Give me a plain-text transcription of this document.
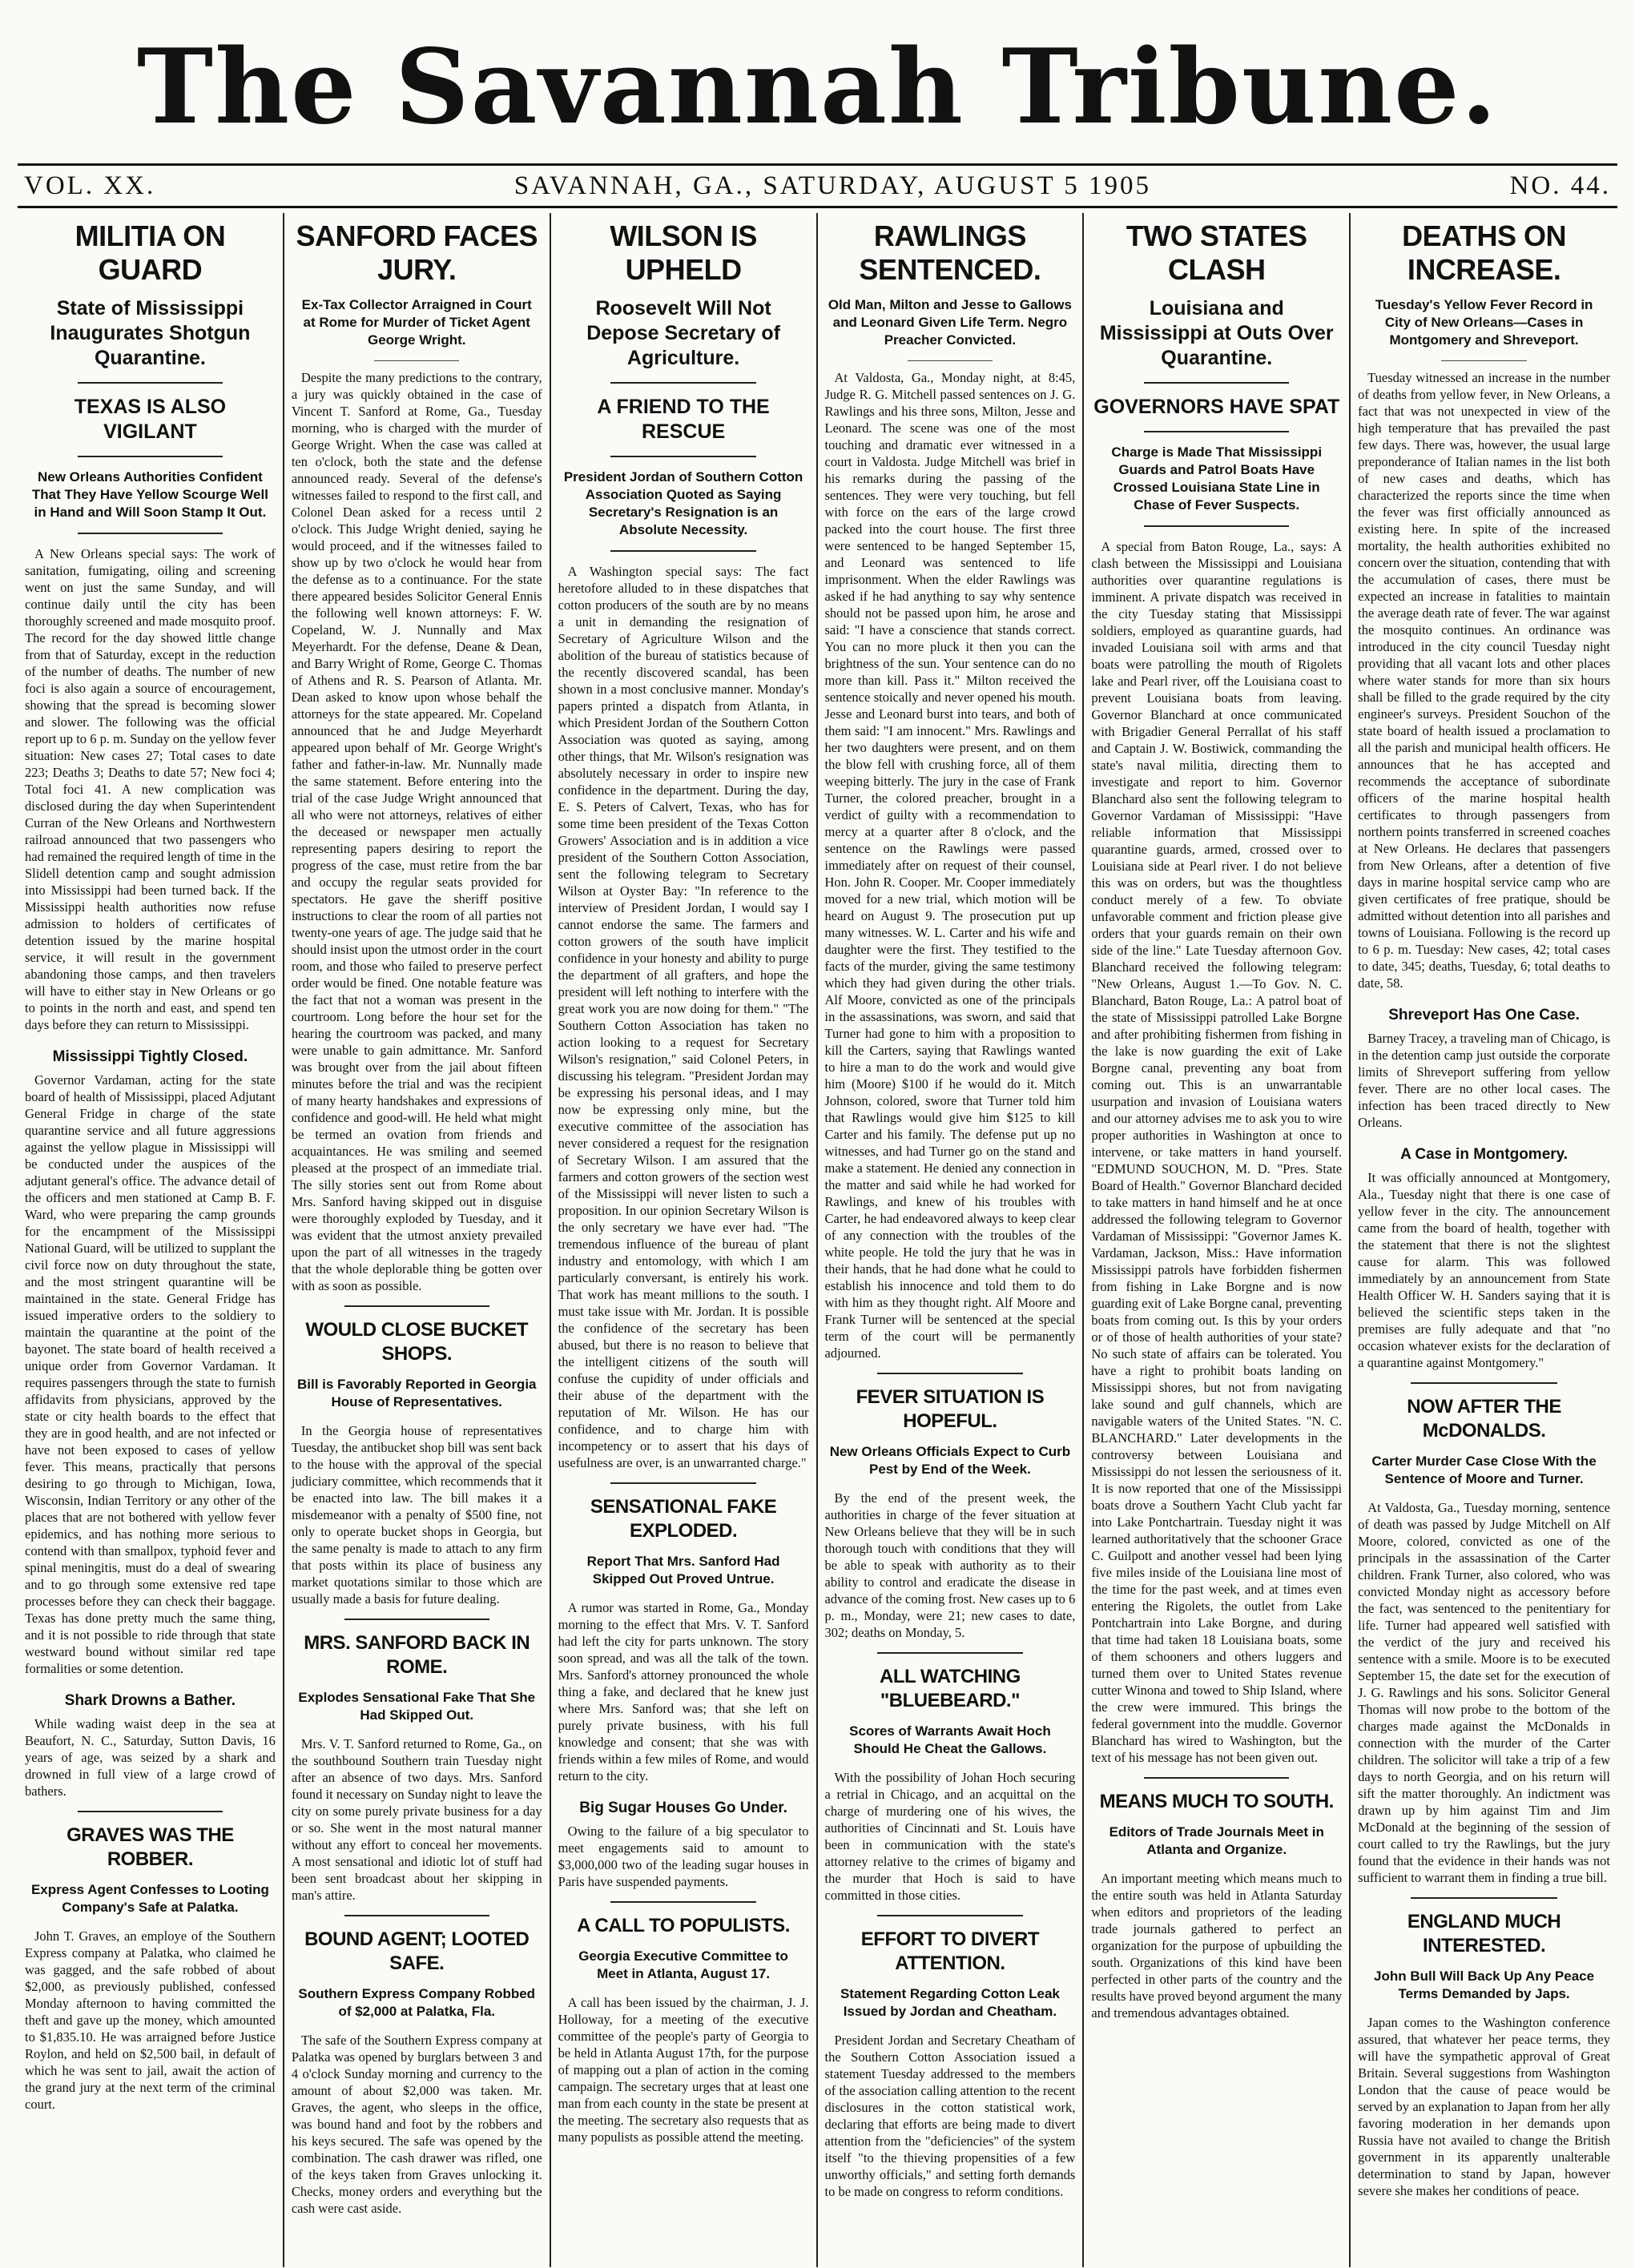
The Savannah Tribune.
VOL. XX.	SAVANNAH, GA., SATURDAY, AUGUST 5 1905	NO. 44.
MILITIA ON GUARD
State of Mississippi Inaugurates Shotgun Quarantine.
TEXAS IS ALSO VIGILANT
New Orleans Authorities Confident That They Have Yellow Scourge Well in Hand and Will Soon Stamp It Out.

A New Orleans special says: The work of sanitation, fumigating, oiling and screening went on just the same Sunday, and will continue daily until the city has been thoroughly screened and made mosquito proof. The record for the day showed little change from that of Saturday, except in the reduction of the number of deaths. The number of new foci is also again a source of encouragement, showing that the spread is becoming slower and slower. The following was the official report up to 6 p. m. Sunday on the yellow fever situation: New cases 27; Total cases to date 223; Deaths 3; Deaths to date 57; New foci 4; Total foci 41. A new complication was disclosed during the day when Superintendent Curran of the New Orleans and Northwestern railroad announced that two passengers who had remained the required length of time in the Slidell detention camp and sought admission into Mississippi had been turned back. If the Mississippi health authorities now refuse admission to holders of certificates of detention issued by the marine hospital service, it will result in the government abandoning those camps, and then travelers will have to either stay in New Orleans or go to points in the north and east, and spend ten days before they can return to Mississippi.

Mississippi Tightly Closed.

Governor Vardaman, acting for the state board of health of Mississippi, placed Adjutant General Fridge in charge of the state quarantine service and all future aggressions against the yellow plague in Mississippi will be conducted under the auspices of the adjutant general's office. The advance detail of the officers and men stationed at Camp B. F. Ward, who were preparing the camp grounds for the encampment of the Mississippi National Guard, will be utilized to supplant the civil force now on duty throughout the state, and the most stringent quarantine will be maintained in the state. General Fridge has issued imperative orders to the soldiery to maintain the quarantine at the point of the bayonet. The state board of health received a unique order from Governor Vardaman. It requires passengers through the state to furnish affidavits from physicians, approved by the state or city health boards to the effect that they are in good health, and are not infected or have not been exposed to cases of yellow fever. This means, practically that persons desiring to go through to Michigan, Iowa, Wisconsin, Indian Territory or any other of the places that are not bothered with yellow fever epidemics, and has nothing more serious to contend with than smallpox, typhoid fever and spinal meningitis, must do a deal of swearing and to go through some extensive red tape processes before they can check their baggage. Texas has done pretty much the same thing, and it is not possible to ride through that state westward bound without similar red tape formalities or some detention.

Shark Drowns a Bather.

While wading waist deep in the sea at Beaufort, N. C., Saturday, Sutton Davis, 16 years of age, was seized by a shark and drowned in full view of a large crowd of bathers.

GRAVES WAS THE ROBBER.
Express Agent Confesses to Looting Company's Safe at Palatka.

John T. Graves, an employe of the Southern Express company at Palatka, who claimed he was gagged, and the safe robbed of about $2,000, as previously published, confessed Monday afternoon to having committed the theft and gave up the money, which amounted to $1,835.10. He was arraigned before Justice Roylon, and held on $2,500 bail, in default of which he was sent to jail, await the action of the grand jury at the next term of the criminal court.

SANFORD FACES JURY.
Ex-Tax Collector Arraigned in Court at Rome for Murder of Ticket Agent George Wright.

Despite the many predictions to the contrary, a jury was quickly obtained in the case of Vincent T. Sanford at Rome, Ga., Tuesday morning, who is charged with the murder of George Wright. When the case was called at ten o'clock, both the state and the defense announced ready. Several of the defense's witnesses failed to respond to the first call, and Colonel Dean asked for a recess until 2 o'clock. This Judge Wright denied, saying he would proceed, and if the witnesses failed to show up by two o'clock he would hear from the defense as to a continuance. For the state there appeared besides Solicitor General Ennis the following well known attorneys: F. W. Copeland, W. J. Nunnally and Max Meyerhardt. For the defense, Deane & Dean, and Barry Wright of Rome, George C. Thomas of Athens and R. S. Pearson of Atlanta. Mr. Dean asked to know upon whose behalf the attorneys for the state appeared. Mr. Copeland announced that he and Judge Meyerhardt appeared upon behalf of Mr. George Wright's father and father-in-law. Mr. Nunnally made the same statement. Before entering into the trial of the case Judge Wright announced that all who were not attorneys, relatives of either the deceased or newspaper men actually representing papers desiring to report the progress of the case, must retire from the bar and occupy the regular seats provided for spectators. He gave the sheriff positive instructions to clear the room of all parties not twenty-one years of age. The judge said that he should insist upon the utmost order in the court room, and those who failed to preserve perfect order would be fined. One notable feature was the fact that not a woman was present in the courtroom. Long before the hour set for the hearing the courtroom was packed, and many were unable to gain admittance. Mr. Sanford was brought over from the jail about fifteen minutes before the trial and was the recipient of many hearty handshakes and expressions of confidence and good-will. He held what might be termed an ovation from friends and acquaintances. He was smiling and seemed pleased at the prospect of an immediate trial. The silly stories sent out from Rome about Mrs. Sanford having skipped out in disguise were thoroughly exploded by Tuesday, and it was evident that the utmost anxiety prevailed upon the part of all witnesses in the tragedy that the whole deplorable thing be gotten over with as soon as possible.

WOULD CLOSE BUCKET SHOPS.
Bill is Favorably Reported in Georgia House of Representatives.

In the Georgia house of representatives Tuesday, the antibucket shop bill was sent back to the house with the approval of the special judiciary committee, which recommends that it be enacted into law. The bill makes it a misdemeanor with a penalty of $500 fine, not only to operate bucket shops in Georgia, but the same penalty is made to attach to any firm that posts within its place of business any market quotations similar to those which are usually made a basis for future dealing.

MRS. SANFORD BACK IN ROME.
Explodes Sensational Fake That She Had Skipped Out.

Mrs. V. T. Sanford returned to Rome, Ga., on the southbound Southern train Tuesday night after an absence of two days. Mrs. Sanford found it necessary on Sunday night to leave the city on some purely private business for a day or so. She went in the most natural manner without any effort to conceal her movements. A most sensational and idiotic lot of stuff had been sent broadcast about her skipping in man's attire.

BOUND AGENT; LOOTED SAFE.
Southern Express Company Robbed of $2,000 at Palatka, Fla.

The safe of the Southern Express company at Palatka was opened by burglars between 3 and 4 o'clock Sunday morning and currency to the amount of about $2,000 was taken. Mr. Graves, the agent, who sleeps in the office, was bound hand and foot by the robbers and his keys secured. The safe was opened by the combination. The cash drawer was rifled, one of the keys taken from Graves unlocking it. Checks, money orders and everything but the cash were cast aside.

WILSON IS UPHELD
Roosevelt Will Not Depose Secretary of Agriculture.
A FRIEND TO THE RESCUE
President Jordan of Southern Cotton Association Quoted as Saying Secretary's Resignation is an Absolute Necessity.

A Washington special says: The fact heretofore alluded to in these dispatches that cotton producers of the south are by no means a unit in demanding the resignation of Secretary of Agriculture Wilson and the abolition of the bureau of statistics because of the recently discovered scandal, has been shown in a most conclusive manner. Monday's papers printed a dispatch from Atlanta, in which President Jordan of the Southern Cotton Association was quoted as saying, among other things, that Mr. Wilson's resignation was absolutely necessary in order to inspire new confidence in the department. During the day, E. S. Peters of Calvert, Texas, who has for some time been president of the Texas Cotton Growers' Association and is in addition a vice president of the Southern Cotton Association, sent the following telegram to Secretary Wilson at Oyster Bay: "In reference to the interview of President Jordan, I would say I cannot endorse the same. The farmers and cotton growers of the south have implicit confidence in your honesty and ability to purge the department of all grafters, and hope the president will left nothing to interfere with the great work you are now doing for them." "The Southern Cotton Association has taken no action looking to a request for Secretary Wilson's resignation," said Colonel Peters, in discussing his telegram. "President Jordan may be expressing his personal ideas, and I may now be expressing only mine, but the executive committee of the association has never considered a request for the resignation of Secretary Wilson. I am assured that the farmers and cotton growers of the section west of the Mississippi will never listen to such a proposition. In our opinion Secretary Wilson is the only secretary we have ever had. "The tremendous influence of the bureau of plant industry and entomology, with which I am particularly conversant, is entirely his work. That work has meant millions to the south. I must take issue with Mr. Jordan. It is possible the confidence of the secretary has been abused, but there is no reason to believe that the intelligent citizens of the south will confuse the cupidity of under officials and their abuse of the department with the reputation of Mr. Wilson. He has our confidence, and to charge him with incompetency or to assert that his days of usefulness are over, is an unwarranted charge."

SENSATIONAL FAKE EXPLODED.
Report That Mrs. Sanford Had Skipped Out Proved Untrue.

A rumor was started in Rome, Ga., Monday morning to the effect that Mrs. V. T. Sanford had left the city for parts unknown. The story soon spread, and was all the talk of the town. Mrs. Sanford's attorney pronounced the whole thing a fake, and declared that he knew just where Mrs. Sanford was; that she left on purely private business, with his full knowledge and consent; that she was with friends within a few miles of Rome, and would return to the city.

Big Sugar Houses Go Under.

Owing to the failure of a big speculator to meet engagements said to amount to $3,000,000 two of the leading sugar houses in Paris have suspended payments.

A CALL TO POPULISTS.
Georgia Executive Committee to Meet in Atlanta, August 17.

A call has been issued by the chairman, J. J. Holloway, for a meeting of the executive committee of the people's party of Georgia to be held in Atlanta August 17th, for the purpose of mapping out a plan of action in the coming campaign. The secretary urges that at least one man from each county in the state be present at the meeting. The secretary also requests that as many populists as possible attend the meeting.

RAWLINGS SENTENCED.
Old Man, Milton and Jesse to Gallows and Leonard Given Life Term. Negro Preacher Convicted.

At Valdosta, Ga., Monday night, at 8:45, Judge R. G. Mitchell passed sentences on J. G. Rawlings and his three sons, Milton, Jesse and Leonard. The scene was one of the most touching and dramatic ever witnessed in a court in Valdosta. Judge Mitchell was brief in his remarks during the passing of the sentences. They were very touching, but fell with force on the ears of the large crowd packed into the court house. The first three were sentenced to be hanged September 15, and Leonard was sentenced to life imprisonment. When the elder Rawlings was asked if he had anything to say why sentence should not be passed upon him, he arose and said: "I have a conscience that stands correct. You can no more pluck it then you can the brightness of the sun. Your sentence can do no more than kill. Pass it." Milton received the sentence stoically and never opened his mouth. Jesse and Leonard burst into tears, and both of them said: "I am innocent." Mrs. Rawlings and her two daughters were present, and on them the blow fell with crushing force, all of them weeping bitterly. The jury in the case of Frank Turner, the colored preacher, brought in a verdict of guilty with a recommendation to mercy at a quarter after 8 o'clock, and the sentence on the Rawlings were passed immediately after on request of their counsel, Hon. John R. Cooper. Mr. Cooper immediately moved for a new trial, which motion will be heard on August 9. The prosecution put up many witnesses. W. L. Carter and his wife and daughter were the first. They testified to the facts of the murder, giving the same testimony which they had given during the other trials. Alf Moore, convicted as one of the principals in the assassinations, was sworn, and said that Turner had gone to him with a proposition to kill the Carters, saying that Rawlings wanted to hire a man to do the work and would give him (Moore) $100 if he would do it. Mitch Johnson, colored, swore that Turner told him that Rawlings would give him $125 to kill Carter and his family. The defense put up no witnesses, and had Turner go on the stand and make a statement. He denied any connection in the matter and said while he had worked for Rawlings, and knew of his troubles with Carter, he had endeavored always to keep clear of any connection with the troubles of the white people. He told the jury that he was in their hands, that he had done what he could to establish his innocence and told them to do with him as they thought right. Alf Moore and Frank Turner will be sentenced at the special term of the court will be permanently adjourned.

FEVER SITUATION IS HOPEFUL.
New Orleans Officials Expect to Curb Pest by End of the Week.

By the end of the present week, the authorities in charge of the fever situation at New Orleans believe that they will be in such thorough touch with conditions that they will be able to speak with authority as to their ability to control and eradicate the disease in advance of the coming frost. New cases up to 6 p. m., Monday, were 21; new cases to date, 302; deaths on Monday, 5.

ALL WATCHING "BLUEBEARD."
Scores of Warrants Await Hoch Should He Cheat the Gallows.

With the possibility of Johan Hoch securing a retrial in Chicago, and an acquittal on the charge of murdering one of his wives, the authorities of Cincinnati and St. Louis have been in communication with the state's attorney relative to the crimes of bigamy and the murder that Hoch is said to have committed in those cities.

EFFORT TO DIVERT ATTENTION.
Statement Regarding Cotton Leak Issued by Jordan and Cheatham.

President Jordan and Secretary Cheatham of the Southern Cotton Association issued a statement Tuesday addressed to the members of the association calling attention to the recent disclosures in the cotton statistical work, declaring that efforts are being made to divert attention from the "deficiencies" of the system itself "to the thieving propensities of a few unworthy officials," and setting forth demands to be made on congress to reform conditions.

TWO STATES CLASH
Louisiana and Mississippi at Outs Over Quarantine.
GOVERNORS HAVE SPAT
Charge is Made That Mississippi Guards and Patrol Boats Have Crossed Louisiana State Line in Chase of Fever Suspects.

A special from Baton Rouge, La., says: A clash between the Mississippi and Louisiana authorities over quarantine regulations is imminent. A private dispatch was received in the city Tuesday stating that Mississippi soldiers, employed as quarantine guards, had invaded Louisiana soil with arms and that boats were patrolling the mouth of Rigolets lake and Pearl river, off the Louisiana coast to prevent Louisiana boats from leaving. Governor Blanchard at once communicated with Brigadier General Perrallat of his staff and Captain J. W. Bostiwick, commanding the state's naval militia, directing them to investigate and report to him. Governor Blanchard also sent the following telegram to Governor Vardaman of Mississippi: "Have reliable information that Mississippi quarantine guards, armed, crossed over to Louisiana side at Pearl river. I do not believe this was on orders, but was the thoughtless conduct merely of a few. To obviate unfavorable comment and friction please give orders that your guards remain on their own side of the line." Late Tuesday afternoon Gov. Blanchard received the following telegram: "New Orleans, August 1.—To Gov. N. C. Blanchard, Baton Rouge, La.: A patrol boat of the state of Mississippi patrolled Lake Borgne and after prohibiting fishermen from fishing in the lake is now guarding the exit of Lake Borgne canal, preventing any boat from coming out. This is an unwarrantable usurpation and invasion of Louisiana waters and our attorney advises me to ask you to wire proper authorities in Washington at once to intervene, or take matters in hand yourself. "EDMUND SOUCHON, M. D. "Pres. State Board of Health." Governor Blanchard decided to take matters in hand himself and he at once addressed the following telegram to Governor Vardaman of Mississippi: "Governor James K. Vardaman, Jackson, Miss.: Have information Mississippi patrols have forbidden fishermen from fishing in Lake Borgne and is now guarding exit of Lake Borgne canal, preventing boats from coming out. Is this by your orders or of those of health authorities of your state? No such state of affairs can be tolerated. You have a right to prohibit boats landing on Mississippi shores, but not from navigating lake sound and gulf channels, which are navigable waters of the United States. "N. C. BLANCHARD." Later developments in the controversy between Louisiana and Mississippi do not lessen the seriousness of it. It is now reported that one of the Mississippi boats drove a Southern Yacht Club yacht far into Lake Pontchartrain. Tuesday night it was learned authoritatively that the schooner Grace C. Guilpott and another vessel had been lying five miles inside of the Louisiana line most of the time for the past week, and at times even entering the Rigolets, the outlet from Lake Pontchartrain into Lake Borgne, and during that time had taken 18 Louisiana boats, some of them schooners and others luggers and turned them over to United States revenue cutter Winona and towed to Ship Island, where the crew were immured. This brings the federal government into the muddle. Governor Blanchard has wired to Washington, but the text of his message has not been given out.

MEANS MUCH TO SOUTH.
Editors of Trade Journals Meet in Atlanta and Organize.

An important meeting which means much to the entire south was held in Atlanta Saturday when editors and proprietors of the leading trade journals gathered to perfect an organization for the purpose of upbuilding the south. Organizations of this kind have been perfected in other parts of the country and the results have proved beyond argument the many and tremendous advantages obtained.

DEATHS ON INCREASE.
Tuesday's Yellow Fever Record in City of New Orleans—Cases in Montgomery and Shreveport.

Tuesday witnessed an increase in the number of deaths from yellow fever, in New Orleans, a fact that was not unexpected in view of the high temperature that has prevailed the past few days. There was, however, the usual large preponderance of Italian names in the list both of new cases and deaths, which has characterized the reports since the time when the fever was first officially announced as existing here. In spite of the increased mortality, the health authorities exhibited no concern over the situation, contending that with the accumulation of cases, there must be expected an increase in fatalities to maintain the average death rate of fever. The war against the mosquito continues. An ordinance was introduced in the city council Tuesday night providing that all vacant lots and other places where water stands for more than six hours shall be filled to the grade required by the city engineer's surveys. President Souchon of the state board of health issued a proclamation to all the parish and municipal health officers. He announces that he has accepted and recommends the acceptance of subordinate officers of the marine hospital health certificates to through passengers from northern points transferred in screened coaches at New Orleans. He declares that passengers from New Orleans, after a detention of five days in marine hospital service camp who are given certificates of free pratique, should be admitted without detention into all parishes and towns of Louisiana. Following is the record up to 6 p. m. Tuesday: New cases, 42; total cases to date, 345; deaths, Tuesday, 6; total deaths to date, 58.

Shreveport Has One Case.

Barney Tracey, a traveling man of Chicago, is in the detention camp just outside the corporate limits of Shreveport suffering from yellow fever. There are no other local cases. The infection has been traced directly to New Orleans.

A Case in Montgomery.

It was officially announced at Montgomery, Ala., Tuesday night that there is one case of yellow fever in the city. The announcement came from the board of health, together with the statement that there is not the slightest cause for alarm. This was followed immediately by an announcement from State Health Officer W. H. Sanders saying that it is believed the scientific steps taken in the premises are fully adequate and that "no occasion whatever exists for the declaration of a quarantine against Montgomery."

NOW AFTER THE McDONALDS.
Carter Murder Case Close With the Sentence of Moore and Turner.

At Valdosta, Ga., Tuesday morning, sentence of death was passed by Judge Mitchell on Alf Moore, colored, convicted as one of the principals in the assassination of the Carter children. Frank Turner, also colored, who was convicted Monday night as accessory before the fact, was sentenced to the penitentiary for life. Turner had appeared well satisfied with the verdict of the jury and received his sentence with a smile. Moore is to be executed September 15, the date set for the execution of J. G. Rawlings and his sons. Solicitor General Thomas will now probe to the bottom of the charges made against the McDonalds in connection with the murder of the Carter children. The solicitor will take a trip of a few days to north Georgia, and on his return will sift the matter thoroughly. An indictment was drawn up by him against Tim and Jim McDonald at the beginning of the session of court called to try the Rawlings, but the jury found that the evidence in their hands was not sufficient to warrant them in finding a true bill.

ENGLAND MUCH INTERESTED.
John Bull Will Back Up Any Peace Terms Demanded by Japs.

Japan comes to the Washington conference assured, that whatever her peace terms, they will have the sympathetic approval of Great Britain. Several suggestions from Washington London that the cause of peace would be served by an explanation to Japan from her ally favoring moderation in her demands upon Russia have not availed to change the British government in its apparently unalterable determination to stand by Japan, however severe she makes her conditions of peace.
